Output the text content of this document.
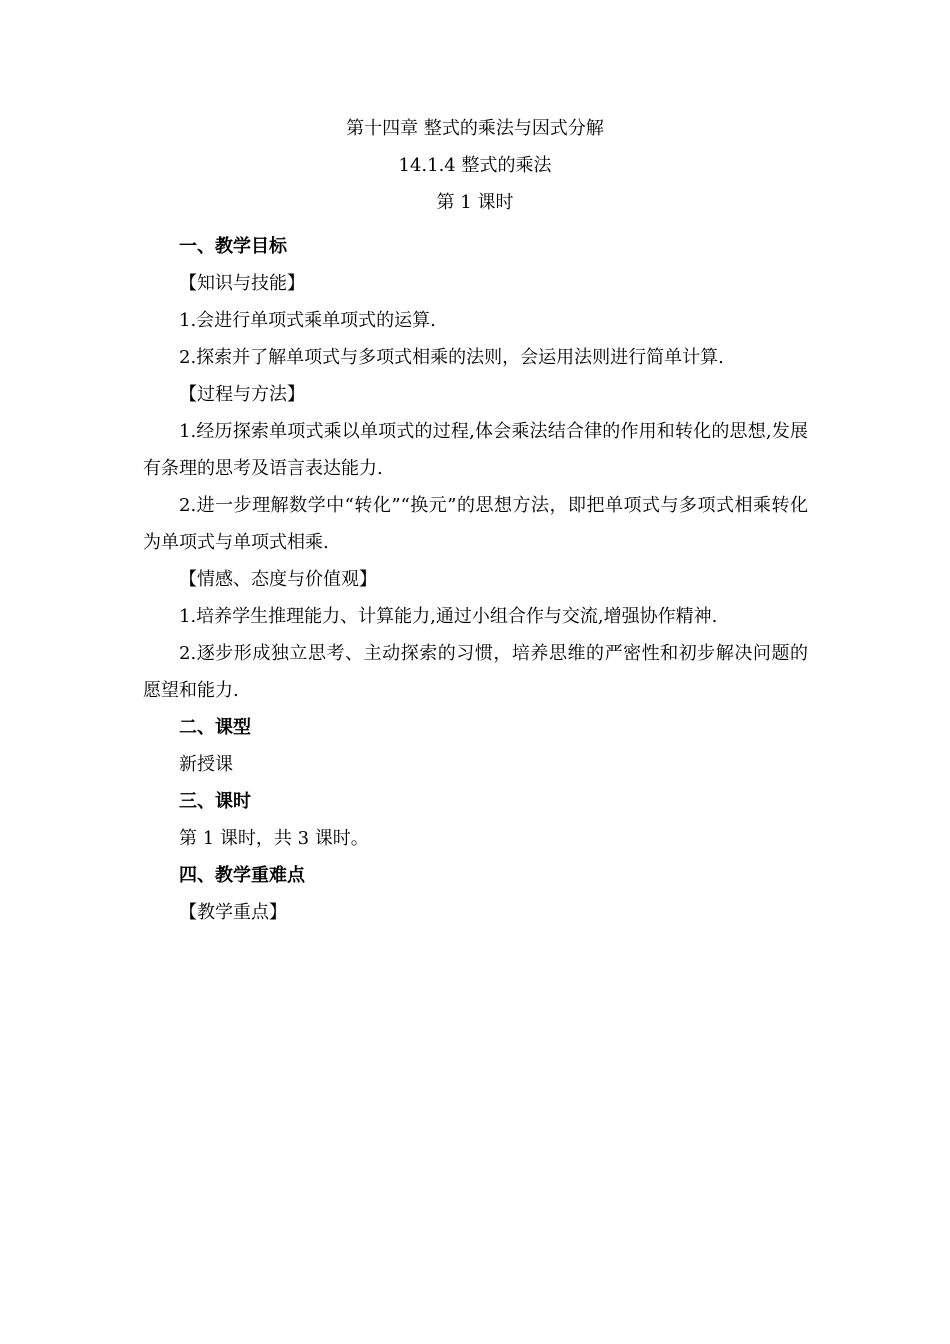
第十四章 整式的乘法与因式分解
14.1.4 整式的乘法
第 1 课时

一、教学目标

【知识与技能】

1.会进行单项式乘单项式的运算.

2.探索并了解单项式与多项式相乘的法则，会运用法则进行简单计算.

【过程与方法】

1.经历探索单项式乘以单项式的过程,体会乘法结合律的作用和转化的思想,发展有条理的思考及语言表达能力.

2.进一步理解数学中“转化”“换元”的思想方法，即把单项式与多项式相乘转化为单项式与单项式相乘.

【情感、态度与价值观】

1.培养学生推理能力、计算能力,通过小组合作与交流,增强协作精神.

2.逐步形成独立思考、主动探索的习惯，培养思维的严密性和初步解决问题的愿望和能力.

二、课型

新授课

三、课时

第 1 课时，共 3 课时。

四、教学重难点

【教学重点】
